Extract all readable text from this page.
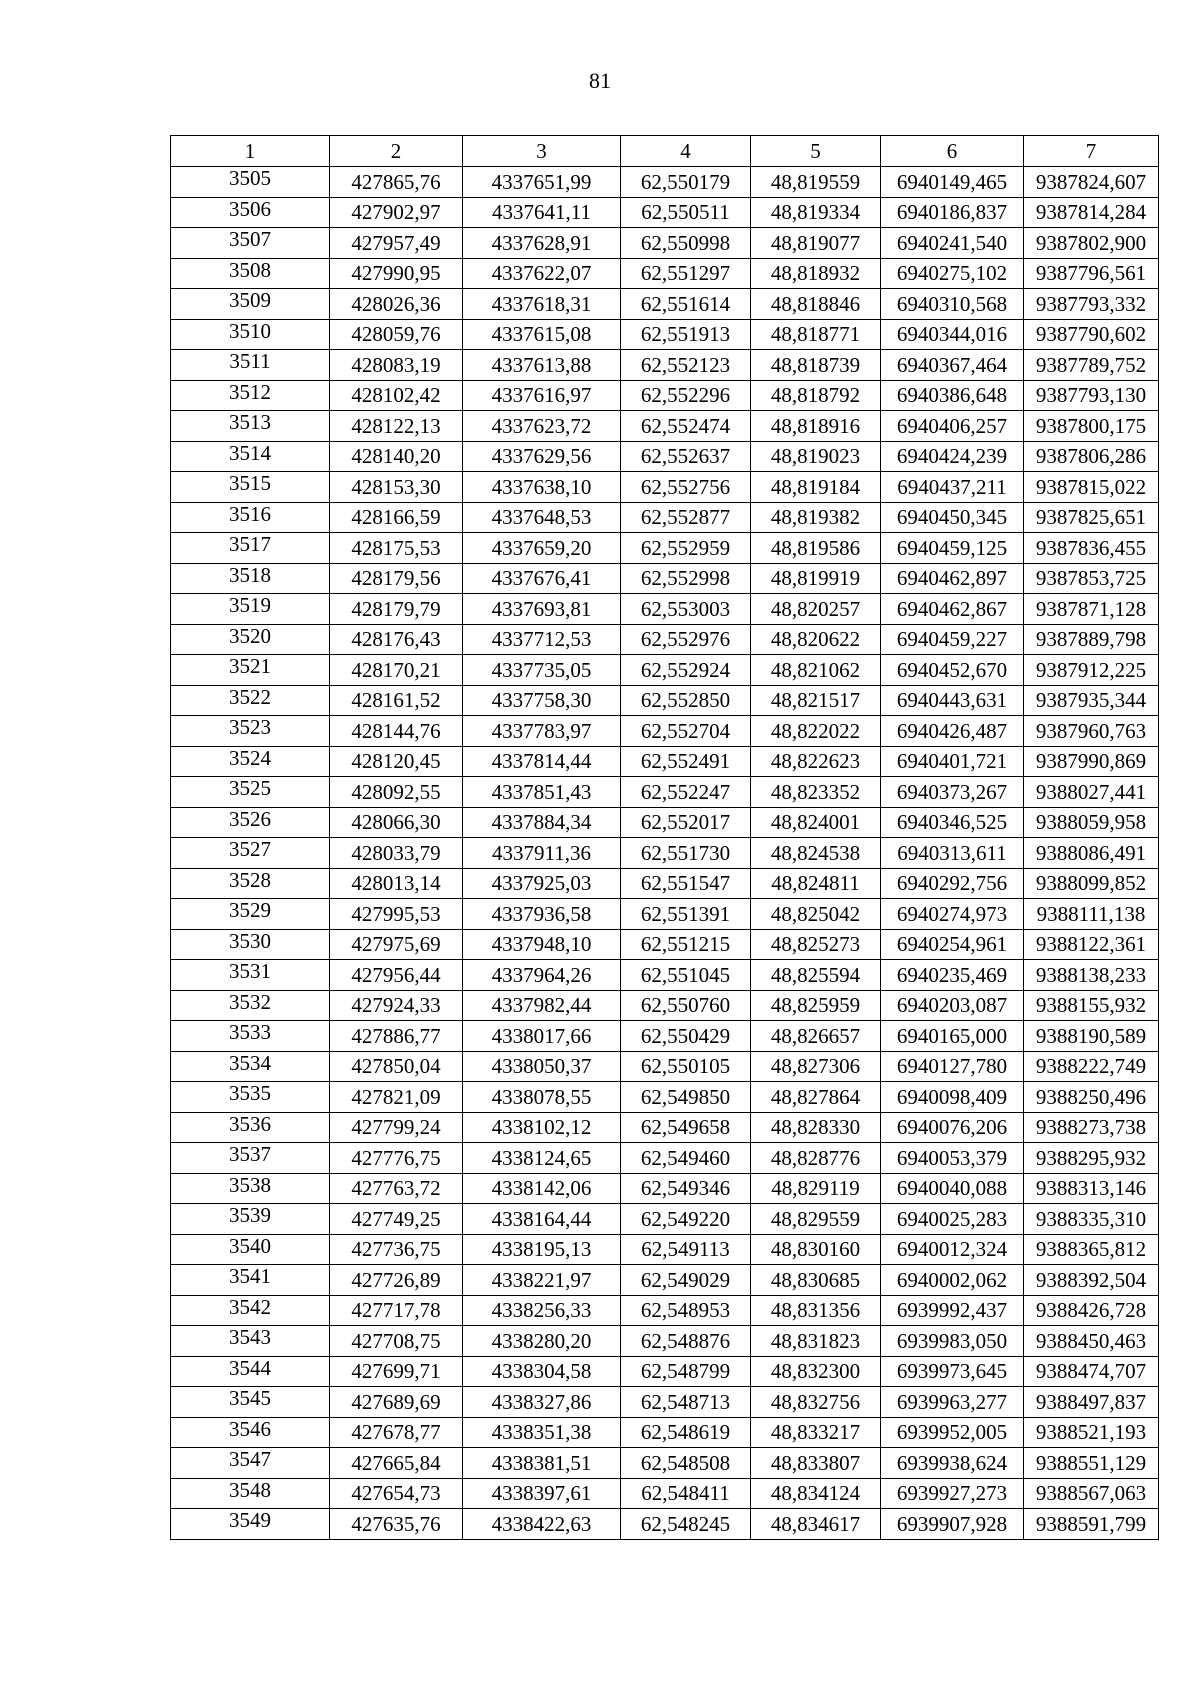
81
1	2	3	4	5	6	7
3505	427865,76	4337651,99	62,550179	48,819559	6940149,465	9387824,607
3506	427902,97	4337641,11	62,550511	48,819334	6940186,837	9387814,284
3507	427957,49	4337628,91	62,550998	48,819077	6940241,540	9387802,900
3508	427990,95	4337622,07	62,551297	48,818932	6940275,102	9387796,561
3509	428026,36	4337618,31	62,551614	48,818846	6940310,568	9387793,332
3510	428059,76	4337615,08	62,551913	48,818771	6940344,016	9387790,602
3511	428083,19	4337613,88	62,552123	48,818739	6940367,464	9387789,752
3512	428102,42	4337616,97	62,552296	48,818792	6940386,648	9387793,130
3513	428122,13	4337623,72	62,552474	48,818916	6940406,257	9387800,175
3514	428140,20	4337629,56	62,552637	48,819023	6940424,239	9387806,286
3515	428153,30	4337638,10	62,552756	48,819184	6940437,211	9387815,022
3516	428166,59	4337648,53	62,552877	48,819382	6940450,345	9387825,651
3517	428175,53	4337659,20	62,552959	48,819586	6940459,125	9387836,455
3518	428179,56	4337676,41	62,552998	48,819919	6940462,897	9387853,725
3519	428179,79	4337693,81	62,553003	48,820257	6940462,867	9387871,128
3520	428176,43	4337712,53	62,552976	48,820622	6940459,227	9387889,798
3521	428170,21	4337735,05	62,552924	48,821062	6940452,670	9387912,225
3522	428161,52	4337758,30	62,552850	48,821517	6940443,631	9387935,344
3523	428144,76	4337783,97	62,552704	48,822022	6940426,487	9387960,763
3524	428120,45	4337814,44	62,552491	48,822623	6940401,721	9387990,869
3525	428092,55	4337851,43	62,552247	48,823352	6940373,267	9388027,441
3526	428066,30	4337884,34	62,552017	48,824001	6940346,525	9388059,958
3527	428033,79	4337911,36	62,551730	48,824538	6940313,611	9388086,491
3528	428013,14	4337925,03	62,551547	48,824811	6940292,756	9388099,852
3529	427995,53	4337936,58	62,551391	48,825042	6940274,973	9388111,138
3530	427975,69	4337948,10	62,551215	48,825273	6940254,961	9388122,361
3531	427956,44	4337964,26	62,551045	48,825594	6940235,469	9388138,233
3532	427924,33	4337982,44	62,550760	48,825959	6940203,087	9388155,932
3533	427886,77	4338017,66	62,550429	48,826657	6940165,000	9388190,589
3534	427850,04	4338050,37	62,550105	48,827306	6940127,780	9388222,749
3535	427821,09	4338078,55	62,549850	48,827864	6940098,409	9388250,496
3536	427799,24	4338102,12	62,549658	48,828330	6940076,206	9388273,738
3537	427776,75	4338124,65	62,549460	48,828776	6940053,379	9388295,932
3538	427763,72	4338142,06	62,549346	48,829119	6940040,088	9388313,146
3539	427749,25	4338164,44	62,549220	48,829559	6940025,283	9388335,310
3540	427736,75	4338195,13	62,549113	48,830160	6940012,324	9388365,812
3541	427726,89	4338221,97	62,549029	48,830685	6940002,062	9388392,504
3542	427717,78	4338256,33	62,548953	48,831356	6939992,437	9388426,728
3543	427708,75	4338280,20	62,548876	48,831823	6939983,050	9388450,463
3544	427699,71	4338304,58	62,548799	48,832300	6939973,645	9388474,707
3545	427689,69	4338327,86	62,548713	48,832756	6939963,277	9388497,837
3546	427678,77	4338351,38	62,548619	48,833217	6939952,005	9388521,193
3547	427665,84	4338381,51	62,548508	48,833807	6939938,624	9388551,129
3548	427654,73	4338397,61	62,548411	48,834124	6939927,273	9388567,063
3549	427635,76	4338422,63	62,548245	48,834617	6939907,928	9388591,799
